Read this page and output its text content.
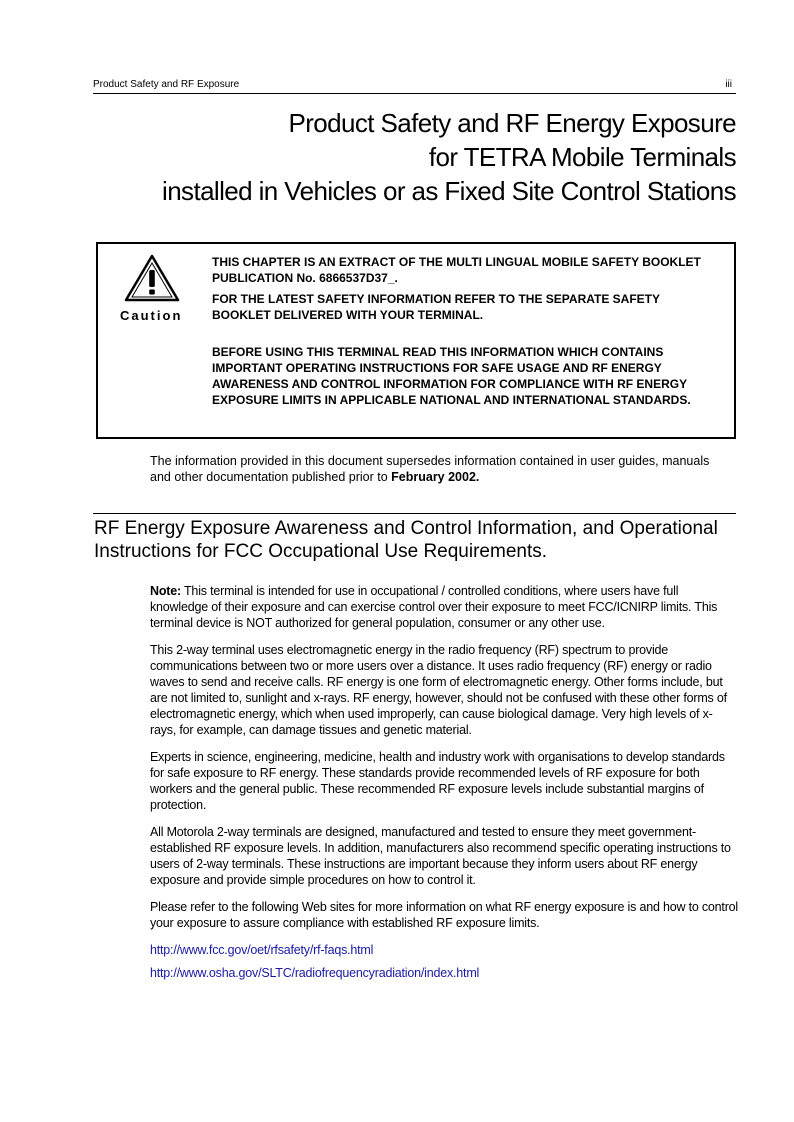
Product Safety and RF Exposure	iii
Product Safety and RF Energy Exposure
for TETRA Mobile Terminals
installed in Vehicles or as Fixed Site Control Stations
Caution

THIS CHAPTER IS AN EXTRACT OF THE MULTI LINGUAL MOBILE SAFETY BOOKLET PUBLICATION No. 6866537D37_.

FOR THE LATEST SAFETY INFORMATION REFER TO THE SEPARATE SAFETY BOOKLET DELIVERED WITH YOUR TERMINAL.

BEFORE USING THIS TERMINAL READ THIS INFORMATION WHICH CONTAINS IMPORTANT OPERATING INSTRUCTIONS FOR SAFE USAGE AND RF ENERGY AWARENESS AND CONTROL INFORMATION FOR COMPLIANCE WITH RF ENERGY EXPOSURE LIMITS IN APPLICABLE NATIONAL AND INTERNATIONAL STANDARDS.

The information provided in this document supersedes information contained in user guides, manuals and other documentation published prior to February 2002.
RF Energy Exposure Awareness and Control Information, and Operational Instructions for FCC Occupational Use Requirements.

Note: This terminal is intended for use in occupational / controlled conditions, where users have full knowledge of their exposure and can exercise control over their exposure to meet FCC/ICNIRP limits. This terminal device is NOT authorized for general population, consumer or any other use.

This 2-way terminal uses electromagnetic energy in the radio frequency (RF) spectrum to provide communications between two or more users over a distance. It uses radio frequency (RF) energy or radio waves to send and receive calls. RF energy is one form of electromagnetic energy. Other forms include, but are not limited to, sunlight and x-rays. RF energy, however, should not be confused with these other forms of electromagnetic energy, which when used improperly, can cause biological damage. Very high levels of x-rays, for example, can damage tissues and genetic material.

Experts in science, engineering, medicine, health and industry work with organisations to develop standards for safe exposure to RF energy. These standards provide recommended levels of RF exposure for both workers and the general public. These recommended RF exposure levels include substantial margins of protection.

All Motorola 2-way terminals are designed, manufactured and tested to ensure they meet government-established RF exposure levels. In addition, manufacturers also recommend specific operating instructions to users of 2-way terminals. These instructions are important because they inform users about RF energy exposure and provide simple procedures on how to control it.

Please refer to the following Web sites for more information on what RF energy exposure is and how to control your exposure to assure compliance with established RF exposure limits.

http://www.fcc.gov/oet/rfsafety/rf-faqs.html
http://www.osha.gov/SLTC/radiofrequencyradiation/index.html
